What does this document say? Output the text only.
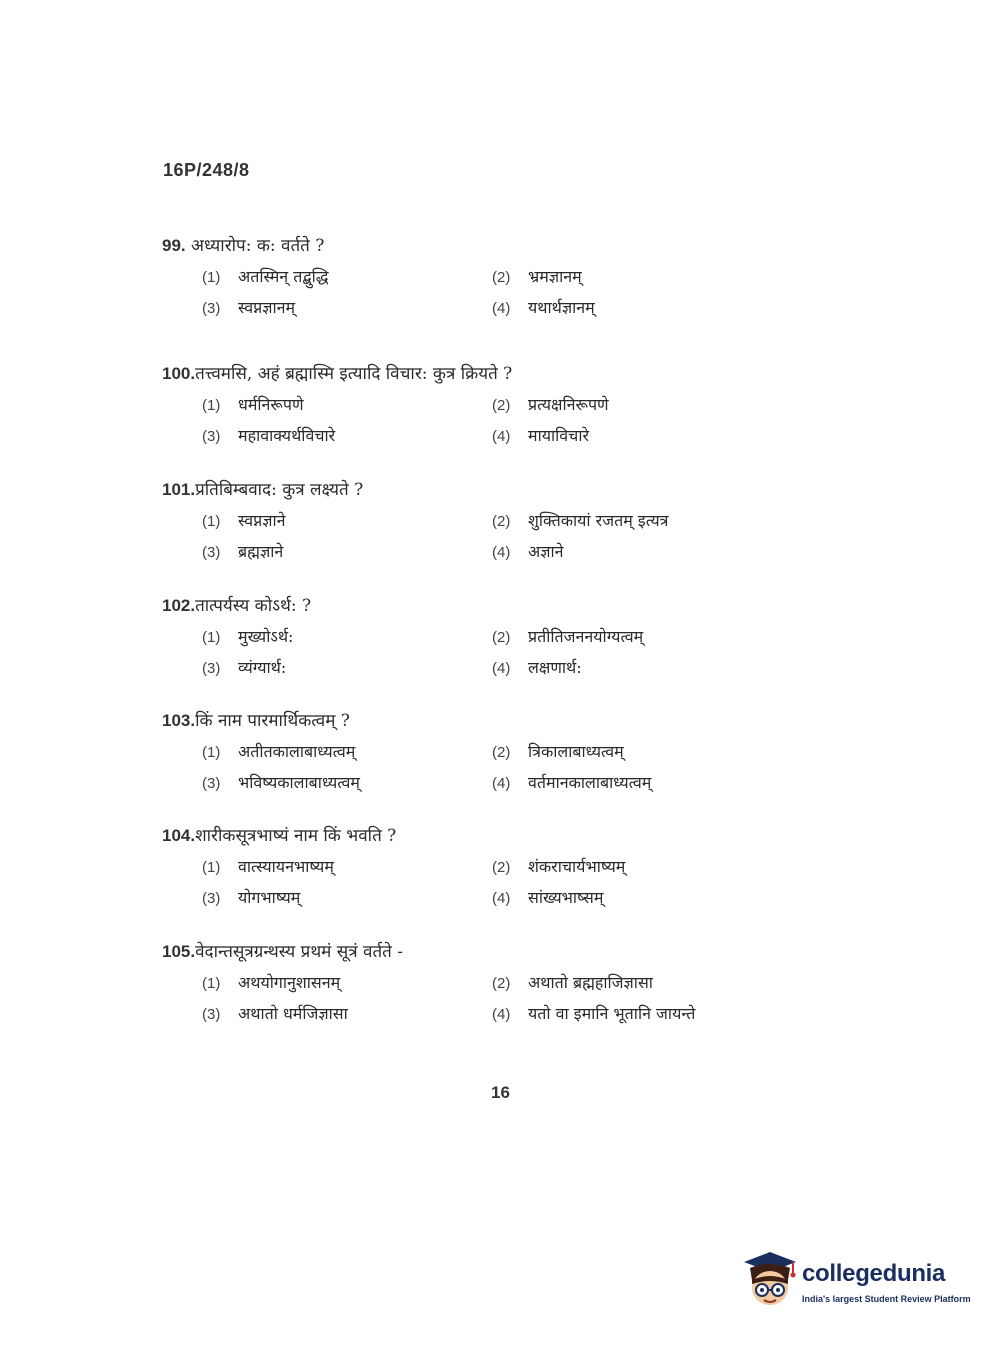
16P/248/8
99. अध्यारोप: क: वर्तते ?
(1) अतस्मिन् तद्बुद्धि	(2) भ्रमज्ञानम्
(3) स्वप्नज्ञानम्	(4) यथार्थज्ञानम्
100.तत्त्वमसि, अहं ब्रह्मास्मि इत्यादि विचार: कुत्र क्रियते ?
(1) धर्मनिरूपणे	(2) प्रत्यक्षनिरूपणे
(3) महावाक्यर्थविचारे	(4) मायाविचारे
101.प्रतिबिम्बवाद: कुत्र लक्ष्यते ?
(1) स्वप्नज्ञाने	(2) शुक्तिकायां रजतम् इत्यत्र
(3) ब्रह्मज्ञाने	(4) अज्ञाने
102.तात्पर्यस्य कोऽर्थ: ?
(1) मुख्योऽर्थ:	(2) प्रतीतिजननयोग्यत्वम्
(3) व्यंग्यार्थ:	(4) लक्षणार्थ:
103.किं नाम पारमार्थिकत्वम् ?
(1) अतीतकालाबाध्यत्वम्	(2) त्रिकालाबाध्यत्वम्
(3) भविष्यकालाबाध्यत्वम्	(4) वर्तमानकालाबाध्यत्वम्
104.शारीकसूत्रभाष्यं नाम किं भवति ?
(1) वात्स्यायनभाष्यम्	(2) शंकराचार्यभाष्यम्
(3) योगभाष्यम्	(4) सांख्यभाष्सम्
105.वेदान्तसूत्रग्रन्थस्य प्रथमं सूत्रं वर्तते -
(1) अथयोगानुशासनम्	(2) अथातो ब्रह्महाजिज्ञासा
(3) अथातो धर्मजिज्ञासा	(4) यतो वा इमानि भूतानि जायन्ते
16
collegedunia
India's largest Student Review Platform
